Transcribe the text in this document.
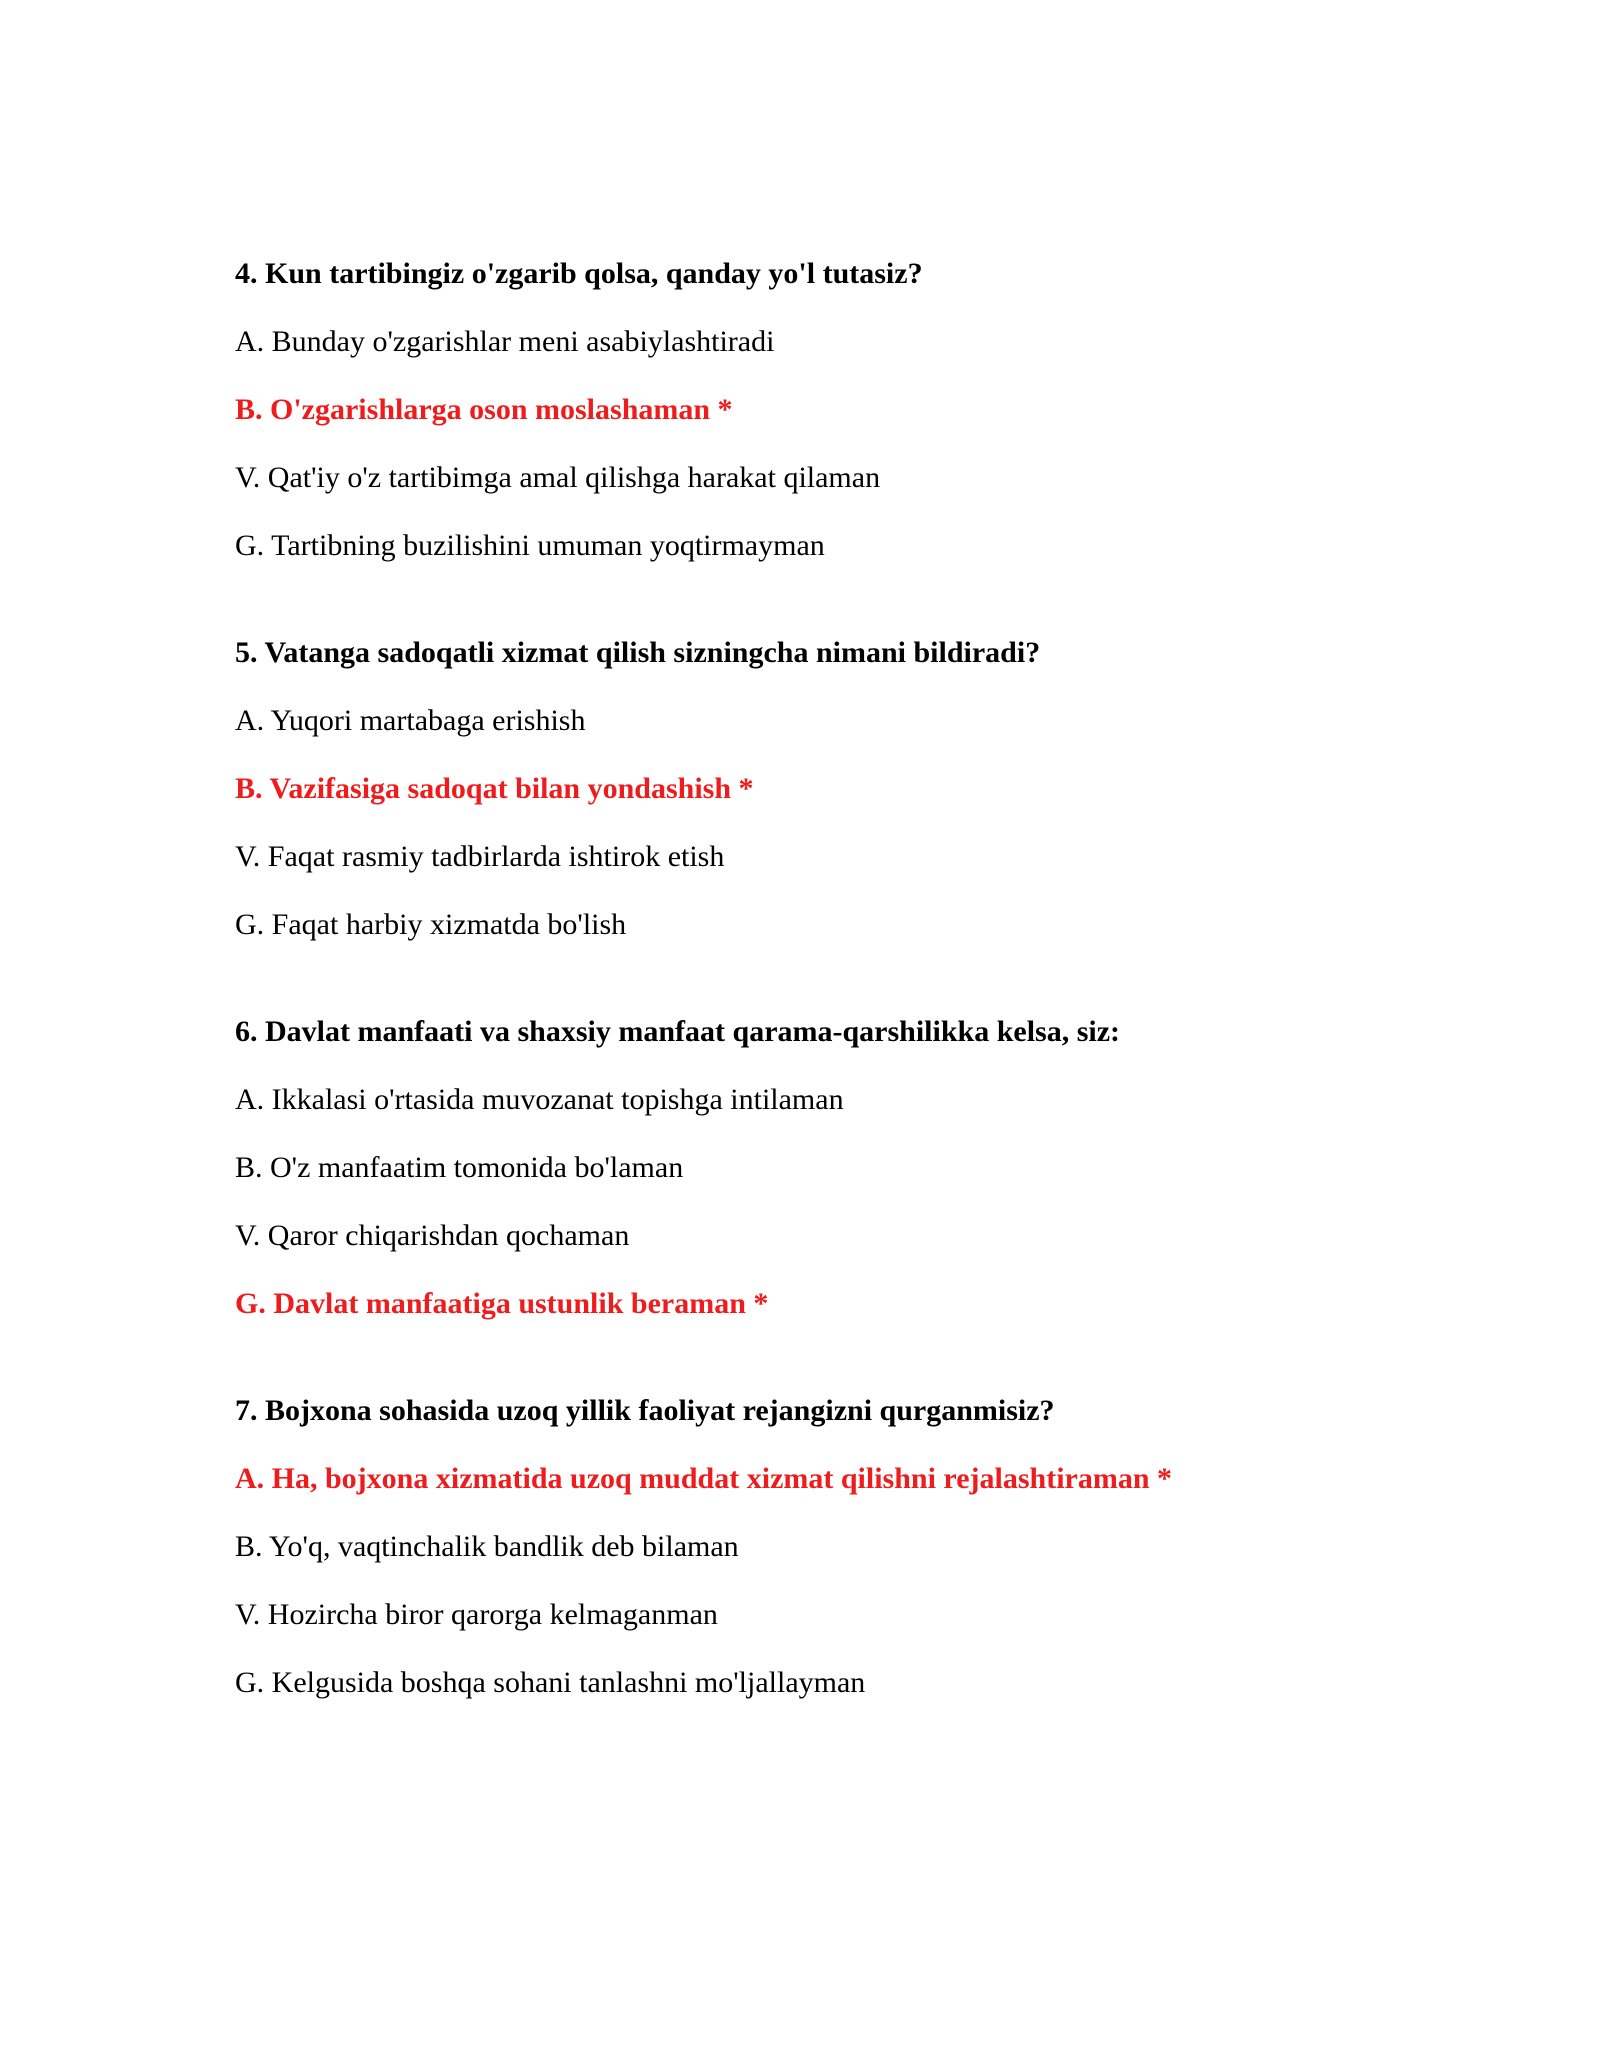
4. Kun tartibingiz o'zgarib qolsa, qanday yo'l tutasiz?
A. Bunday o'zgarishlar meni asabiylashtiradi
B. O'zgarishlarga oson moslashaman *
V. Qat'iy o'z tartibimga amal qilishga harakat qilaman
G. Tartibning buzilishini umuman yoqtirmayman
5. Vatanga sadoqatli xizmat qilish sizningcha nimani bildiradi?
A. Yuqori martabaga erishish
B. Vazifasiga sadoqat bilan yondashish *
V. Faqat rasmiy tadbirlarda ishtirok etish
G. Faqat harbiy xizmatda bo'lish
6. Davlat manfaati va shaxsiy manfaat qarama-qarshilikka kelsa, siz:
A. Ikkalasi o'rtasida muvozanat topishga intilaman
B. O'z manfaatim tomonida bo'laman
V. Qaror chiqarishdan qochaman
G. Davlat manfaatiga ustunlik beraman *
7. Bojxona sohasida uzoq yillik faoliyat rejangizni qurganmisiz?
A. Ha, bojxona xizmatida uzoq muddat xizmat qilishni rejalashtiraman *
B. Yo'q, vaqtinchalik bandlik deb bilaman
V. Hozircha biror qarorga kelmaganman
G. Kelgusida boshqa sohani tanlashni mo'ljallayman
